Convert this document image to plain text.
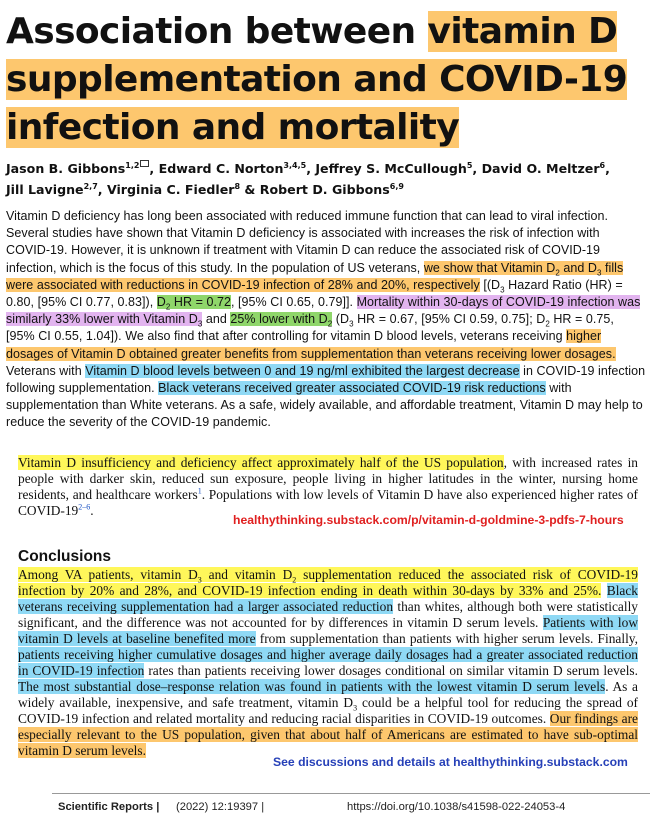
Association between vitamin D supplementation and COVID-19 infection and mortality

Jason B. Gibbons$^{1,2}$ , Edward C. Norton$^{3,4,5}$, Jeffrey S. McCullough$^5$, David O. Meltzer$^6$,
Jill Lavigne$^{2,7}$, Virginia C. Fiedler$^8$ & Robert D. Gibbons$^{6,9}$

Vitamin D deficiency has long been associated with reduced immune function that can lead to viral infection. Several studies have shown that Vitamin D deficiency is associated with increases the risk of infection with COVID-19. However, it is unknown if treatment with Vitamin D can reduce the associated risk of COVID-19 infection, which is the focus of this study. In the population of US veterans, we show that Vitamin $D_2$ and $D_3$ fills were associated with reductions in COVID-19 infection of 28% and 20%, respectively [($D_3$ Hazard Ratio (HR) = 0.80, [95% CI 0.77, 0.83]), $D_2$ HR = 0.72, [95% CI 0.65, 0.79]]. Mortality within 30-days of COVID-19 infection was similarly 33% lower with Vitamin $D_3$ and 25% lower with $D_2$ ($D_3$ HR = 0.67, [95% CI 0.59, 0.75]; $D_2$ HR = 0.75, [95% CI 0.55, 1.04]). We also find that after controlling for vitamin D blood levels, veterans receiving higher dosages of Vitamin D obtained greater benefits from supplementation than veterans receiving lower dosages. Veterans with Vitamin D blood levels between 0 and 19 ng/ml exhibited the largest decrease in COVID-19 infection following supplementation. Black veterans received greater associated COVID-19 risk reductions with supplementation than White veterans. As a safe, widely available, and affordable treatment, Vitamin D may help to reduce the severity of the COVID-19 pandemic.

Vitamin D insufficiency and deficiency affect approximately half of the US population, with increased rates in people with darker skin, reduced sun exposure, people living in higher latitudes in the winter, nursing home residents, and healthcare workers$^1$. Populations with low levels of Vitamin D have also experienced higher rates of COVID-19$^{2-6}$.

healthythinking.substack.com/p/vitamin-d-goldmine-3-pdfs-7-hours

Conclusions

Among VA patients, vitamin $D_3$ and vitamin $D_2$ supplementation reduced the associated risk of COVID-19 infection by 20% and 28%, and COVID-19 infection ending in death within 30-days by 33% and 25%. Black veterans receiving supplementation had a larger associated reduction than whites, although both were statistically significant, and the difference was not accounted for by differences in vitamin D serum levels. Patients with low vitamin D levels at baseline benefited more from supplementation than patients with higher serum levels. Finally, patients receiving higher cumulative dosages and higher average daily dosages had a greater associated reduction in COVID-19 infection rates than patients receiving lower dosages conditional on similar vitamin D serum levels. The most substantial dose–response relation was found in patients with the lowest vitamin D serum levels. As a widely available, inexpensive, and safe treatment, vitamin $D_3$ could be a helpful tool for reducing the spread of COVID-19 infection and related mortality and reducing racial disparities in COVID-19 outcomes. Our findings are especially relevant to the US population, given that about half of Americans are estimated to have sub-optimal vitamin D serum levels.

See discussions and details at healthythinking.substack.com

Scientific Reports | (2022) 12:19397 |	https://doi.org/10.1038/s41598-022-24053-4
